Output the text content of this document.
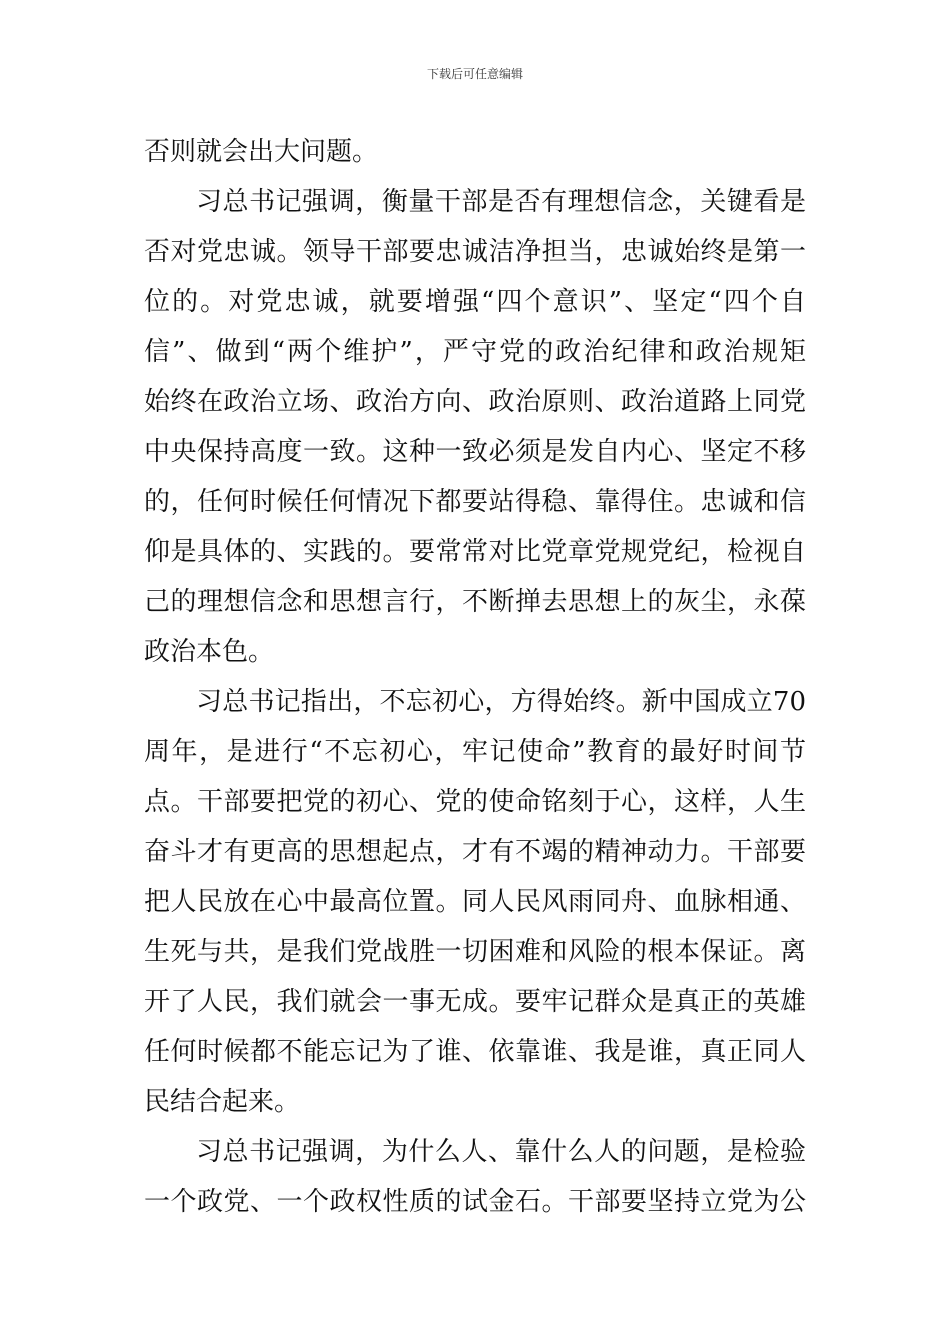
下载后可任意编辑
否则就会出大问题。
习总书记强调，衡量干部是否有理想信念，关键看是
否对党忠诚。领导干部要忠诚洁净担当，忠诚始终是第一
位的。对党忠诚，就要增强“四个意识”、坚定“四个自
信”、做到“两个维护”，严守党的政治纪律和政治规矩
始终在政治立场、政治方向、政治原则、政治道路上同党
中央保持高度一致。这种一致必须是发自内心、坚定不移
的，任何时候任何情况下都要站得稳、靠得住。忠诚和信
仰是具体的、实践的。要常常对比党章党规党纪，检视自
己的理想信念和思想言行，不断掸去思想上的灰尘，永葆
政治本色。
习总书记指出，不忘初心，方得始终。新中国成立70
周年，是进行“不忘初心，牢记使命”教育的最好时间节
点。干部要把党的初心、党的使命铭刻于心，这样，人生
奋斗才有更高的思想起点，才有不竭的精神动力。干部要
把人民放在心中最高位置。同人民风雨同舟、血脉相通、
生死与共，是我们党战胜一切困难和风险的根本保证。离
开了人民，我们就会一事无成。要牢记群众是真正的英雄
任何时候都不能忘记为了谁、依靠谁、我是谁，真正同人
民结合起来。
习总书记强调，为什么人、靠什么人的问题，是检验
一个政党、一个政权性质的试金石。干部要坚持立党为公
